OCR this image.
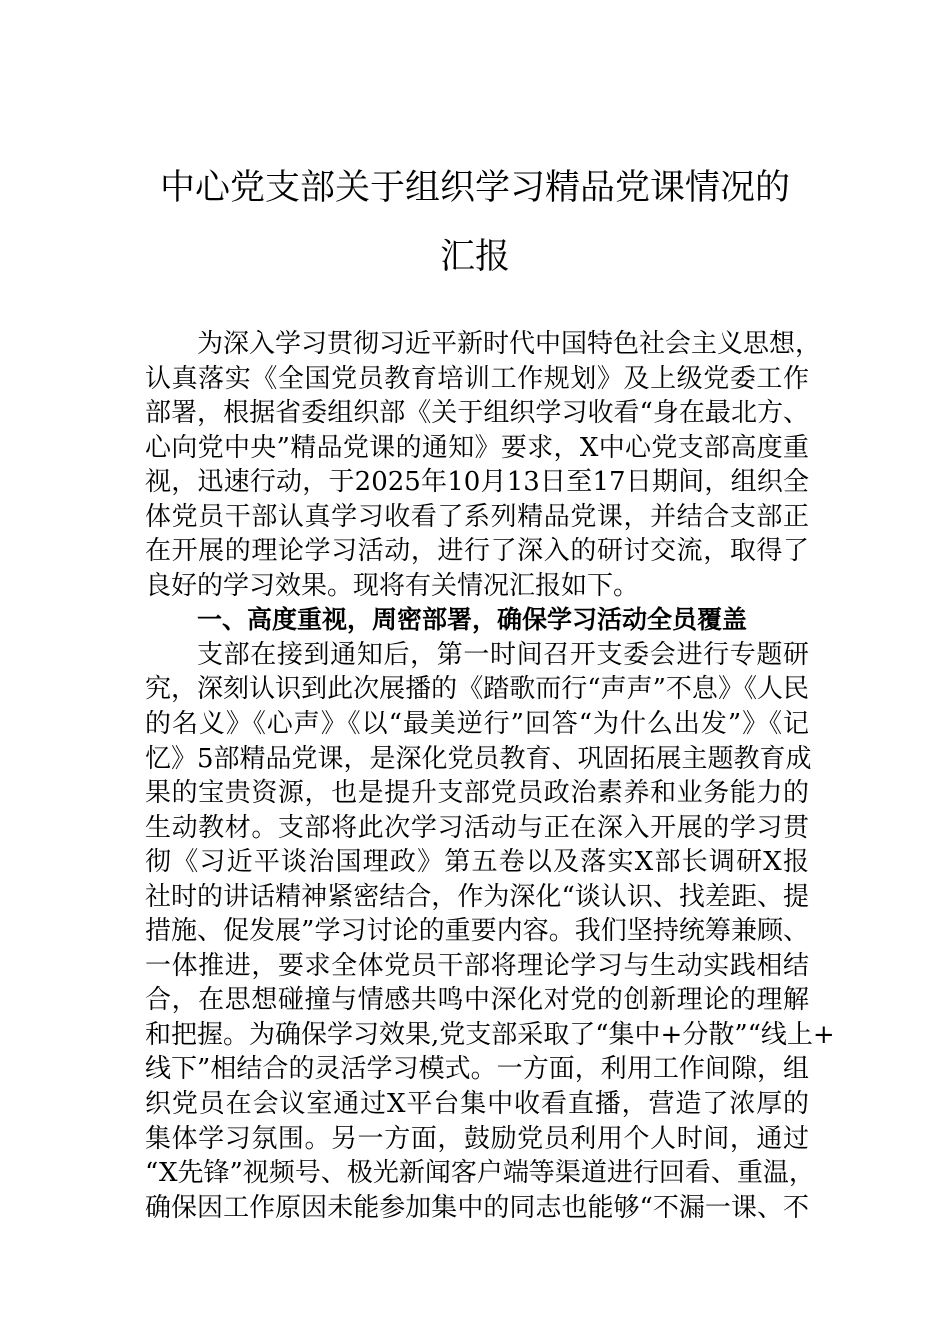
中心党支部关于组织学习精品党课情况的
汇报
为深入学习贯彻习近平新时代中国特色社会主义思想，
认真落实《全国党员教育培训工作规划》及上级党委工作
部署，根据省委组织部《关于组织学习收看“身在最北方、
心向党中央”精品党课的通知》要求，X中心党支部高度重
视，迅速行动，于2025年10月13日至17日期间，组织全
体党员干部认真学习收看了系列精品党课，并结合支部正
在开展的理论学习活动，进行了深入的研讨交流，取得了
良好的学习效果。现将有关情况汇报如下。
一、高度重视，周密部署，确保学习活动全员覆盖
支部在接到通知后，第一时间召开支委会进行专题研
究，深刻认识到此次展播的《踏歌而行“声声”不息》《人民
的名义》《心声》《以“最美逆行”回答“为什么出发”》《记
忆》5部精品党课，是深化党员教育、巩固拓展主题教育成
果的宝贵资源，也是提升支部党员政治素养和业务能力的
生动教材。支部将此次学习活动与正在深入开展的学习贯
彻《习近平谈治国理政》第五卷以及落实X部长调研X报
社时的讲话精神紧密结合，作为深化“谈认识、找差距、提
措施、促发展”学习讨论的重要内容。我们坚持统筹兼顾、
一体推进，要求全体党员干部将理论学习与生动实践相结
合，在思想碰撞与情感共鸣中深化对党的创新理论的理解
和把握。为确保学习效果,党支部采取了“集中+分散”“线上+
线下”相结合的灵活学习模式。一方面，利用工作间隙，组
织党员在会议室通过X平台集中收看直播，营造了浓厚的
集体学习氛围。另一方面，鼓励党员利用个人时间，通过
“X先锋”视频号、极光新闻客户端等渠道进行回看、重温，
确保因工作原因未能参加集中的同志也能够“不漏一课、不
